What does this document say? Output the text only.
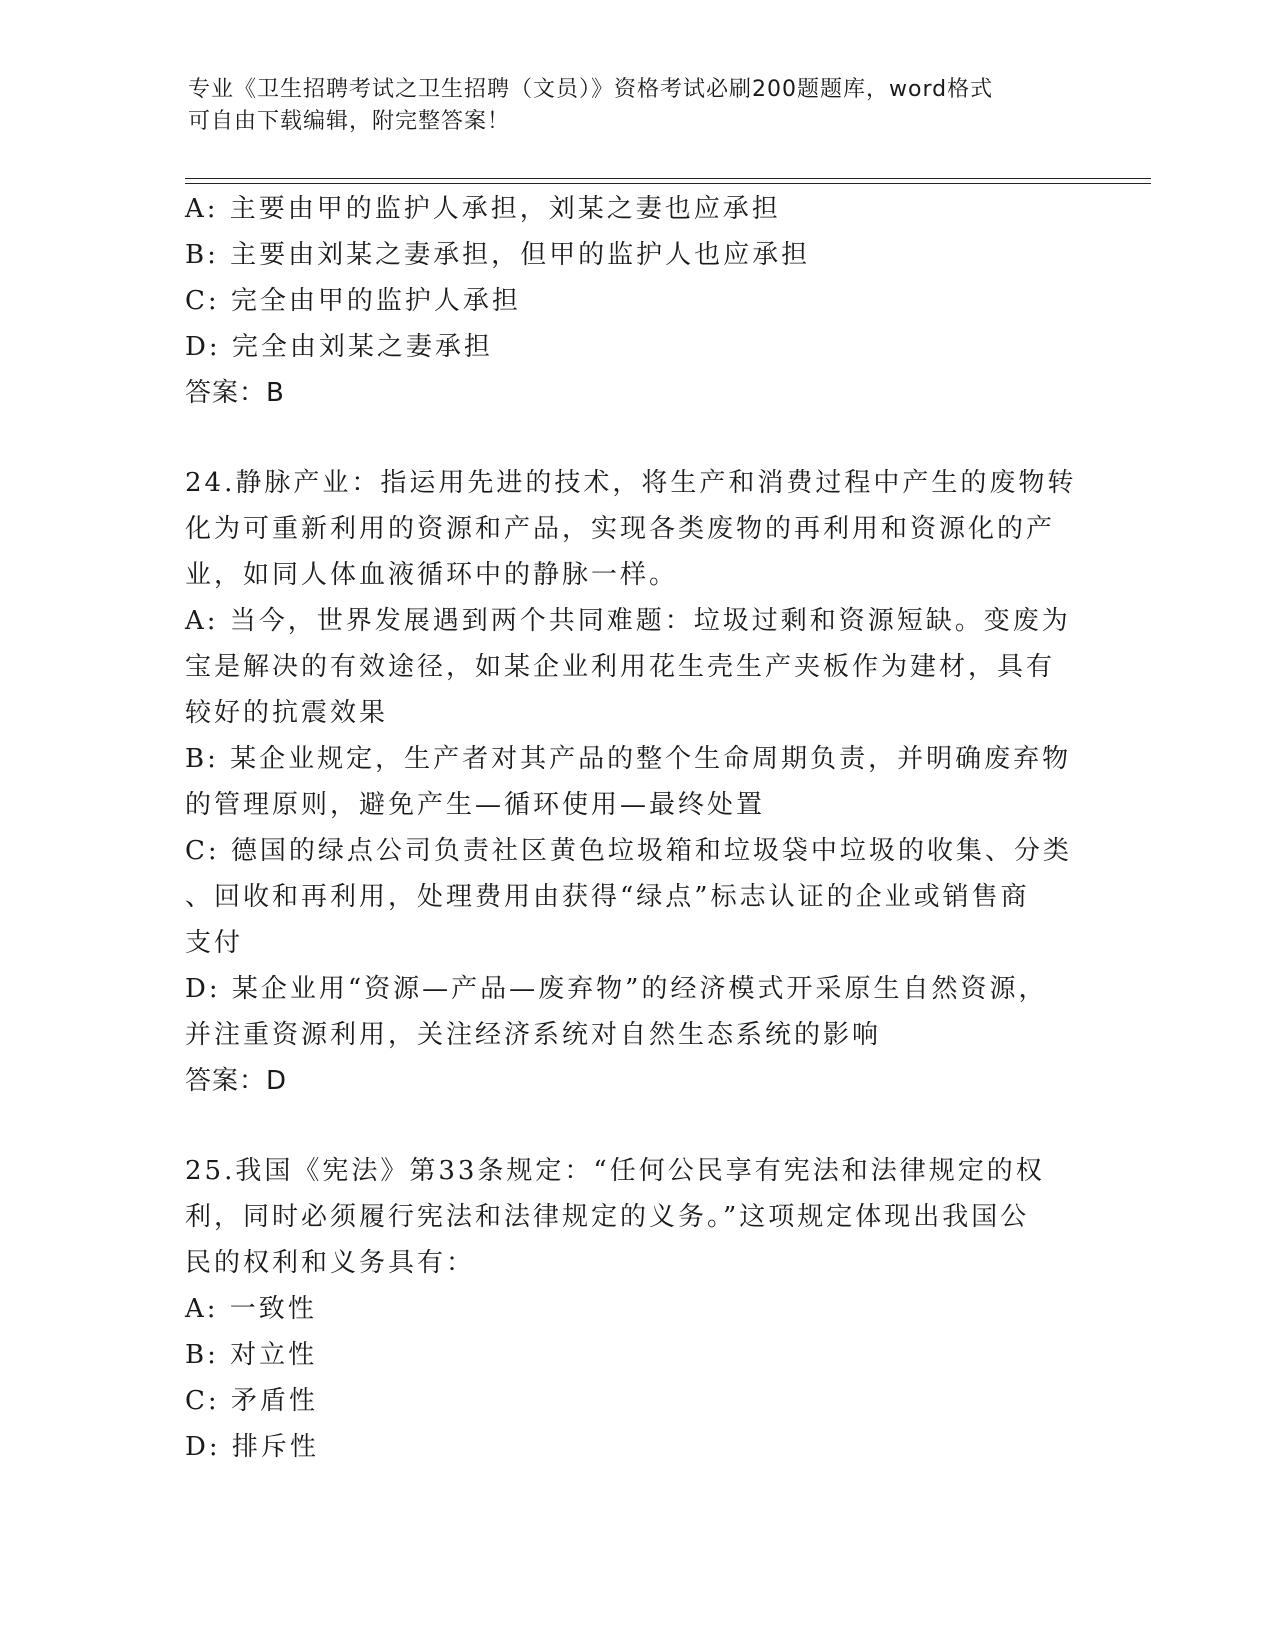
专业《卫生招聘考试之卫生招聘（文员）》资格考试必刷200题题库，word格式
可自由下载编辑，附完整答案！

A: 主要由甲的监护人承担，刘某之妻也应承担

B: 主要由刘某之妻承担，但甲的监护人也应承担

C: 完全由甲的监护人承担

D: 完全由刘某之妻承担

答案：B

24.静脉产业：指运用先进的技术，将生产和消费过程中产生的废物转

化为可重新利用的资源和产品，实现各类废物的再利用和资源化的产

业，如同人体血液循环中的静脉一样。

A: 当今，世界发展遇到两个共同难题：垃圾过剩和资源短缺。变废为

宝是解决的有效途径，如某企业利用花生壳生产夹板作为建材，具有

较好的抗震效果

B: 某企业规定，生产者对其产品的整个生命周期负责，并明确废弃物

的管理原则，避免产生—循环使用—最终处置

C: 德国的绿点公司负责社区黄色垃圾箱和垃圾袋中垃圾的收集、分类

、回收和再利用，处理费用由获得“绿点”标志认证的企业或销售商

支付

D: 某企业用“资源—产品—废弃物”的经济模式开采原生自然资源，

并注重资源利用，关注经济系统对自然生态系统的影响

答案：D

25.我国《宪法》第33条规定：“任何公民享有宪法和法律规定的权

利，同时必须履行宪法和法律规定的义务。”这项规定体现出我国公

民的权利和义务具有：

A: 一致性

B: 对立性

C: 矛盾性

D: 排斥性
